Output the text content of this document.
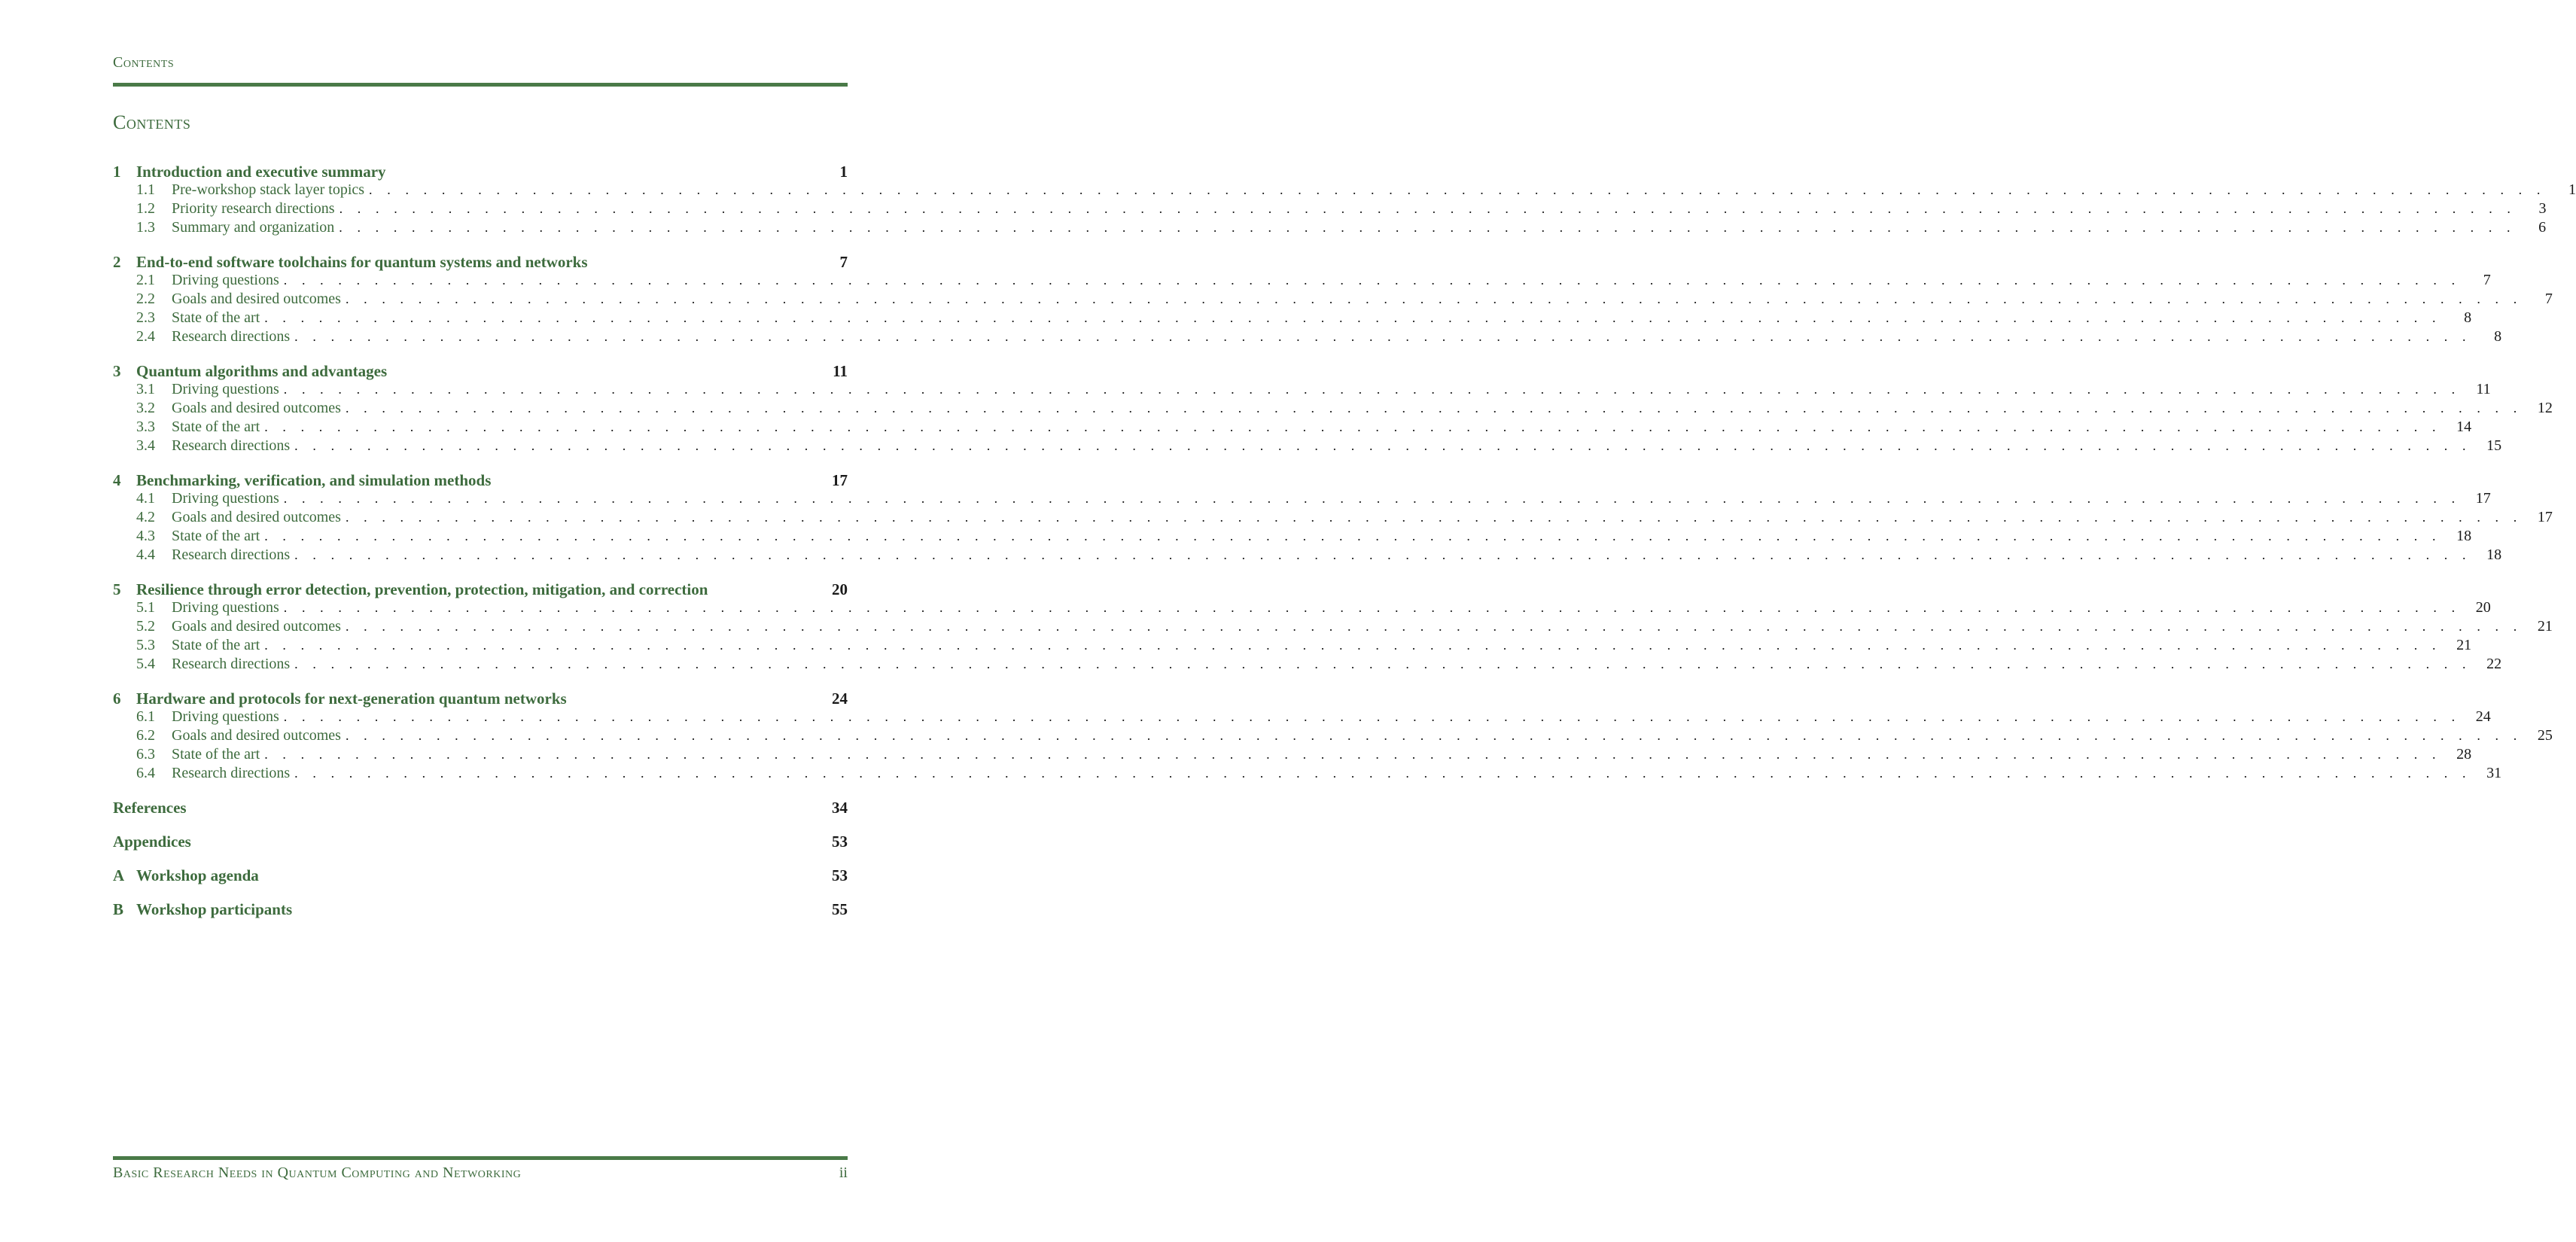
Contents
Contents
1 Introduction and executive summary	1
1.1	Pre-workshop stack layer topics . . . . . . . . . . . . . . . . . . . . . . . . . . . . . . . . . . . . . . . . . . . . . . . . . . . . . . . . . . . . . . . . . . . . . . . . . . . . . . . . . . . . . . . . . . . . . . . . . . . . . . . . . . . . . . . . . . . . . . . .	1
1.2	Priority research directions . . . . . . . . . . . . . . . . . . . . . . . . . . . . . . . . . . . . . . . . . . . . . . . . . . . . . . . . . . . . . . . . . . . . . . . . . . . . . . . . . . . . . . . . . . . . . . . . . . . . . . . . . . . . . . . . . . . . . . . .	3
1.3	Summary and organization . . . . . . . . . . . . . . . . . . . . . . . . . . . . . . . . . . . . . . . . . . . . . . . . . . . . . . . . . . . . . . . . . . . . . . . . . . . . . . . . . . . . . . . . . . . . . . . . . . . . . . . . . . . . . . . . . . . . . . . .	6
2 End-to-end software toolchains for quantum systems and networks	7
2.1	Driving questions . . . . . . . . . . . . . . . . . . . . . . . . . . . . . . . . . . . . . . . . . . . . . . . . . . . . . . . . . . . . . . . . . . . . . . . . . . . . . . . . . . . . . . . . . . . . . . . . . . . . . . . . . . . . . . . . . . . . . . . .	7
2.2	Goals and desired outcomes . . . . . . . . . . . . . . . . . . . . . . . . . . . . . . . . . . . . . . . . . . . . . . . . . . . . . . . . . . . . . . . . . . . . . . . . . . . . . . . . . . . . . . . . . . . . . . . . . . . . . . . . . . . . . . . . . . . . . . . .	7
2.3	State of the art . . . . . . . . . . . . . . . . . . . . . . . . . . . . . . . . . . . . . . . . . . . . . . . . . . . . . . . . . . . . . . . . . . . . . . . . . . . . . . . . . . . . . . . . . . . . . . . . . . . . . . . . . . . . . . . . . . . . . . . .	8
2.4	Research directions . . . . . . . . . . . . . . . . . . . . . . . . . . . . . . . . . . . . . . . . . . . . . . . . . . . . . . . . . . . . . . . . . . . . . . . . . . . . . . . . . . . . . . . . . . . . . . . . . . . . . . . . . . . . . . . . . . . . . . . .	8
3 Quantum algorithms and advantages	11
3.1	Driving questions . . . . . . . . . . . . . . . . . . . . . . . . . . . . . . . . . . . . . . . . . . . . . . . . . . . . . . . . . . . . . . . . . . . . . . . . . . . . . . . . . . . . . . . . . . . . . . . . . . . . . . . . . . . . . . . . . . . . . . . .	11
3.2	Goals and desired outcomes . . . . . . . . . . . . . . . . . . . . . . . . . . . . . . . . . . . . . . . . . . . . . . . . . . . . . . . . . . . . . . . . . . . . . . . . . . . . . . . . . . . . . . . . . . . . . . . . . . . . . . . . . . . . . . . . . . . . . . . .	12
3.3	State of the art . . . . . . . . . . . . . . . . . . . . . . . . . . . . . . . . . . . . . . . . . . . . . . . . . . . . . . . . . . . . . . . . . . . . . . . . . . . . . . . . . . . . . . . . . . . . . . . . . . . . . . . . . . . . . . . . . . . . . . . .	14
3.4	Research directions . . . . . . . . . . . . . . . . . . . . . . . . . . . . . . . . . . . . . . . . . . . . . . . . . . . . . . . . . . . . . . . . . . . . . . . . . . . . . . . . . . . . . . . . . . . . . . . . . . . . . . . . . . . . . . . . . . . . . . . .	15
4 Benchmarking, verification, and simulation methods	17
4.1	Driving questions . . . . . . . . . . . . . . . . . . . . . . . . . . . . . . . . . . . . . . . . . . . . . . . . . . . . . . . . . . . . . . . . . . . . . . . . . . . . . . . . . . . . . . . . . . . . . . . . . . . . . . . . . . . . . . . . . . . . . . . .	17
4.2	Goals and desired outcomes . . . . . . . . . . . . . . . . . . . . . . . . . . . . . . . . . . . . . . . . . . . . . . . . . . . . . . . . . . . . . . . . . . . . . . . . . . . . . . . . . . . . . . . . . . . . . . . . . . . . . . . . . . . . . . . . . . . . . . . .	17
4.3	State of the art . . . . . . . . . . . . . . . . . . . . . . . . . . . . . . . . . . . . . . . . . . . . . . . . . . . . . . . . . . . . . . . . . . . . . . . . . . . . . . . . . . . . . . . . . . . . . . . . . . . . . . . . . . . . . . . . . . . . . . . .	18
4.4	Research directions . . . . . . . . . . . . . . . . . . . . . . . . . . . . . . . . . . . . . . . . . . . . . . . . . . . . . . . . . . . . . . . . . . . . . . . . . . . . . . . . . . . . . . . . . . . . . . . . . . . . . . . . . . . . . . . . . . . . . . . .	18
5 Resilience through error detection, prevention, protection, mitigation, and correction	20
5.1	Driving questions . . . . . . . . . . . . . . . . . . . . . . . . . . . . . . . . . . . . . . . . . . . . . . . . . . . . . . . . . . . . . . . . . . . . . . . . . . . . . . . . . . . . . . . . . . . . . . . . . . . . . . . . . . . . . . . . . . . . . . . .	20
5.2	Goals and desired outcomes . . . . . . . . . . . . . . . . . . . . . . . . . . . . . . . . . . . . . . . . . . . . . . . . . . . . . . . . . . . . . . . . . . . . . . . . . . . . . . . . . . . . . . . . . . . . . . . . . . . . . . . . . . . . . . . . . . . . . . . .	21
5.3	State of the art . . . . . . . . . . . . . . . . . . . . . . . . . . . . . . . . . . . . . . . . . . . . . . . . . . . . . . . . . . . . . . . . . . . . . . . . . . . . . . . . . . . . . . . . . . . . . . . . . . . . . . . . . . . . . . . . . . . . . . . .	21
5.4	Research directions . . . . . . . . . . . . . . . . . . . . . . . . . . . . . . . . . . . . . . . . . . . . . . . . . . . . . . . . . . . . . . . . . . . . . . . . . . . . . . . . . . . . . . . . . . . . . . . . . . . . . . . . . . . . . . . . . . . . . . . .	22
6 Hardware and protocols for next-generation quantum networks	24
6.1	Driving questions . . . . . . . . . . . . . . . . . . . . . . . . . . . . . . . . . . . . . . . . . . . . . . . . . . . . . . . . . . . . . . . . . . . . . . . . . . . . . . . . . . . . . . . . . . . . . . . . . . . . . . . . . . . . . . . . . . . . . . . .	24
6.2	Goals and desired outcomes . . . . . . . . . . . . . . . . . . . . . . . . . . . . . . . . . . . . . . . . . . . . . . . . . . . . . . . . . . . . . . . . . . . . . . . . . . . . . . . . . . . . . . . . . . . . . . . . . . . . . . . . . . . . . . . . . . . . . . . .	25
6.3	State of the art . . . . . . . . . . . . . . . . . . . . . . . . . . . . . . . . . . . . . . . . . . . . . . . . . . . . . . . . . . . . . . . . . . . . . . . . . . . . . . . . . . . . . . . . . . . . . . . . . . . . . . . . . . . . . . . . . . . . . . . .	28
6.4	Research directions . . . . . . . . . . . . . . . . . . . . . . . . . . . . . . . . . . . . . . . . . . . . . . . . . . . . . . . . . . . . . . . . . . . . . . . . . . . . . . . . . . . . . . . . . . . . . . . . . . . . . . . . . . . . . . . . . . . . . . . .	31
References	34
Appendices	53
A Workshop agenda	53
B Workshop participants	55
Basic Research Needs in Quantum Computing and Networking	ii
